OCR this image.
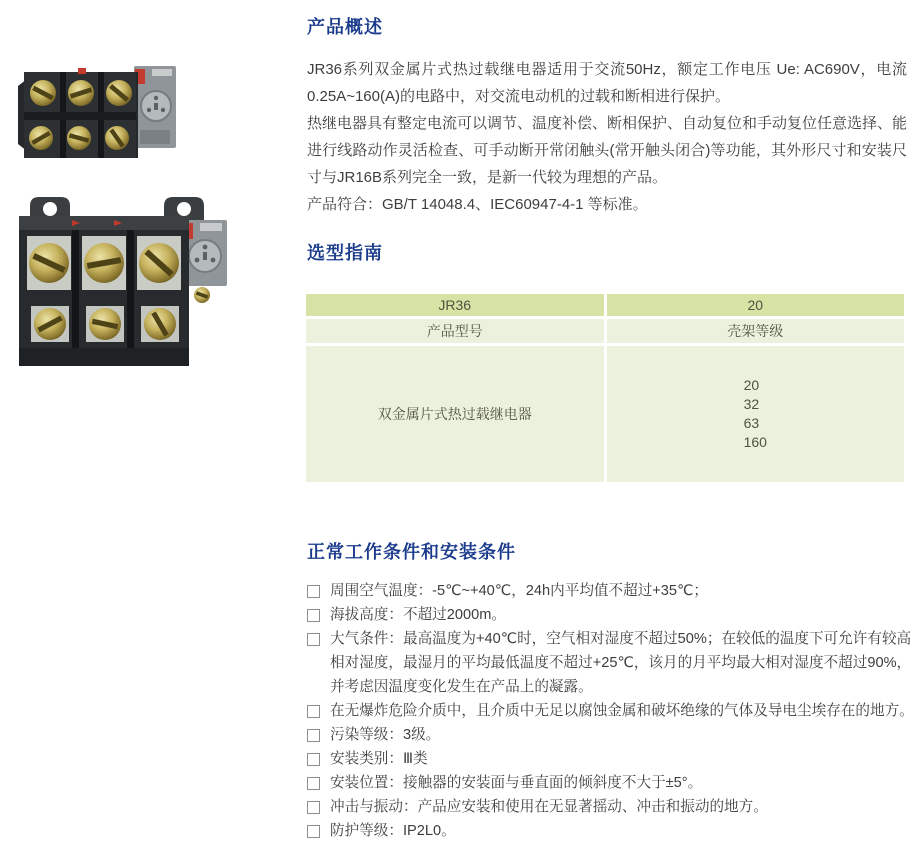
产品概述

JR36系列双金属片式热过载继电器适用于交流50Hz，额定工作电压 Ue: AC690V，电流0.25A~160(A)的电路中，对交流电动机的过载和断相进行保护。

热继电器具有整定电流可以调节、温度补偿、断相保护、自动复位和手动复位任意选择、能进行线路动作灵活检查、可手动断开常闭触头(常开触头闭合)等功能，其外形尺寸和安装尺寸与JR16B系列完全一致，是新一代较为理想的产品。

产品符合：GB/T 14048.4、IEC60947-4-1 等标准。

选型指南
JR36	20
产品型号	壳架等级
双金属片式热过载继电器
20
32
63
160
正常工作条件和安装条件
周围空气温度：-5℃~+40℃，24h内平均值不超过+35℃；
海拔高度：不超过2000m。
大气条件：最高温度为+40℃时，空气相对湿度不超过50%；在较低的温度下可允许有较高相对湿度，最湿月的平均最低温度不超过+25℃，该月的月平均最大相对湿度不超过90%，并考虑因温度变化发生在产品上的凝露。
在无爆炸危险介质中，且介质中无足以腐蚀金属和破坏绝缘的气体及导电尘埃存在的地方。
污染等级：3级。
安装类别：Ⅲ类
安装位置：接触器的安装面与垂直面的倾斜度不大于±5°。
冲击与振动：产品应安装和使用在无显著摇动、冲击和振动的地方。
防护等级：IP2L0。
